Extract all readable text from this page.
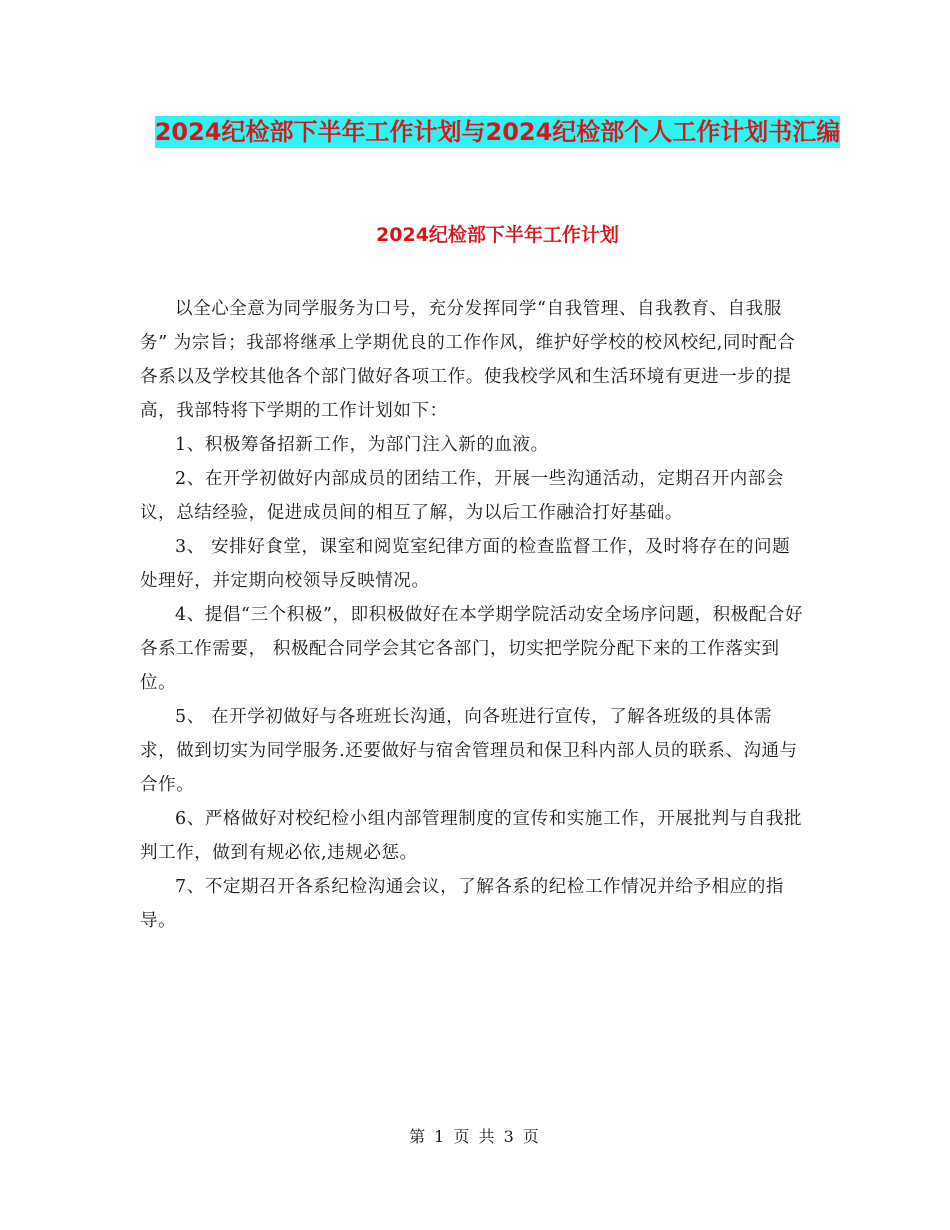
2024纪检部下半年工作计划与2024纪检部个人工作计划书汇编
2024纪检部下半年工作计划

以全心全意为同学服务为口号，充分发挥同学“自我管理、自我教育、自我服务” 为宗旨；我部将继承上学期优良的工作作风，维护好学校的校风校纪,同时配合各系以及学校其他各个部门做好各项工作。使我校学风和生活环境有更进一步的提高，我部特将下学期的工作计划如下：

1、积极筹备招新工作，为部门注入新的血液。

2、在开学初做好内部成员的团结工作，开展一些沟通活动，定期召开内部会议，总结经验，促进成员间的相互了解，为以后工作融洽打好基础。

3、 安排好食堂，课室和阅览室纪律方面的检查监督工作，及时将存在的问题处理好，并定期向校领导反映情况。

4、提倡“三个积极”，即积极做好在本学期学院活动安全场序问题，积极配合好各系工作需要， 积极配合同学会其它各部门，切实把学院分配下来的工作落实到位。

5、 在开学初做好与各班班长沟通，向各班进行宣传，了解各班级的具体需求，做到切实为同学服务.还要做好与宿舍管理员和保卫科内部人员的联系、沟通与合作。

6、严格做好对校纪检小组内部管理制度的宣传和实施工作，开展批判与自我批判工作，做到有规必依,违规必惩。

7、不定期召开各系纪检沟通会议，了解各系的纪检工作情况并给予相应的指导。

第 1 页 共 3 页
